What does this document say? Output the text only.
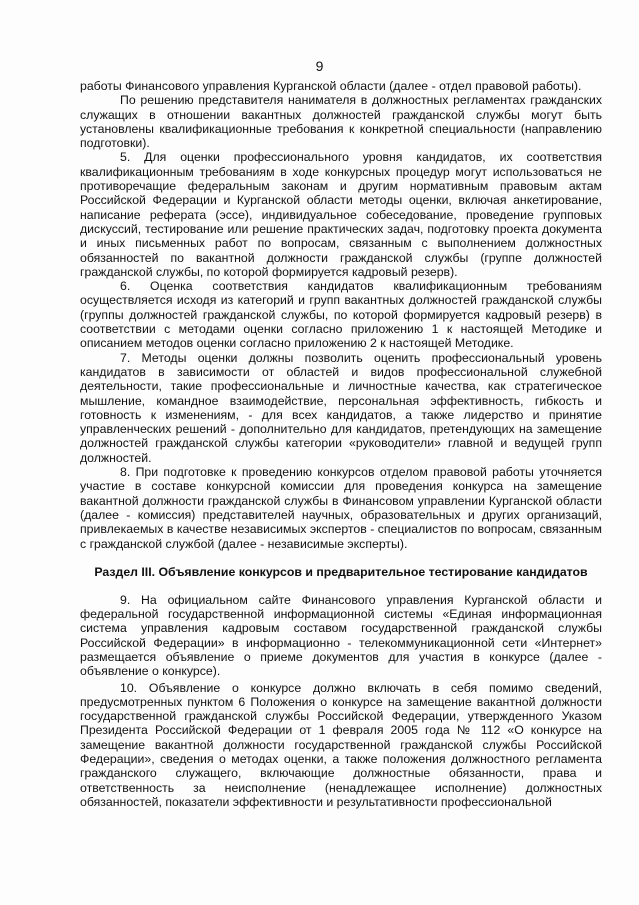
9

работы Финансового управления Курганской области (далее - отдел правовой работы).

По решению представителя нанимателя в должностных регламентах гражданских служащих в отношении вакантных должностей гражданской службы могут быть установлены квалификационные требования к конкретной специальности (направлению подготовки).

5. Для оценки профессионального уровня кандидатов, их соответствия квалификационным требованиям в ходе конкурсных процедур могут использоваться не противоречащие федеральным законам и другим нормативным правовым актам Российской Федерации и Курганской области методы оценки, включая анкетирование, написание реферата (эссе), индивидуальное собеседование, проведение групповых дискуссий, тестирование или решение практических задач, подготовку проекта документа и иных письменных работ по вопросам, связанным с выполнением должностных обязанностей по вакантной должности гражданской службы (группе должностей гражданской службы, по которой формируется кадровый резерв).

6. Оценка соответствия кандидатов квалификационным требованиям осуществляется исходя из категорий и групп вакантных должностей гражданской службы (группы должностей гражданской службы, по которой формируется кадровый резерв) в соответствии с методами оценки согласно приложению 1 к настоящей Методике и описанием методов оценки согласно приложению 2 к настоящей Методике.

7. Методы оценки должны позволить оценить профессиональный уровень кандидатов в зависимости от областей и видов профессиональной служебной деятельности, такие профессиональные и личностные качества, как стратегическое мышление, командное взаимодействие, персональная эффективность, гибкость и готовность к изменениям, - для всех кандидатов, а также лидерство и принятие управленческих решений - дополнительно для кандидатов, претендующих на замещение должностей гражданской службы категории «руководители» главной и ведущей групп должностей.

8. При подготовке к проведению конкурсов отделом правовой работы уточняется участие в составе конкурсной комиссии для проведения конкурса на замещение вакантной должности гражданской службы в Финансовом управлении Курганской области (далее - комиссия) представителей научных, образовательных и других организаций, привлекаемых в качестве независимых экспертов - специалистов по вопросам, связанным с гражданской службой (далее - независимые эксперты).

Раздел III. Объявление конкурсов и предварительное тестирование кандидатов

9. На официальном сайте Финансового управления Курганской области и федеральной государственной информационной системы «Единая информационная система управления кадровым составом государственной гражданской службы Российской Федерации» в информационно - телекоммуникационной сети «Интернет» размещается объявление о приеме документов для участия в конкурсе (далее - объявление о конкурсе).

10. Объявление о конкурсе должно включать в себя помимо сведений, предусмотренных пунктом 6 Положения о конкурсе на замещение вакантной должности государственной гражданской службы Российской Федерации, утвержденного Указом Президента Российской Федерации от 1 февраля 2005 года № 112 «О конкурсе на замещение вакантной должности государственной гражданской службы Российской Федерации», сведения о методах оценки, а также положения должностного регламента гражданского служащего, включающие должностные обязанности, права и ответственность за неисполнение (ненадлежащее исполнение) должностных обязанностей, показатели эффективности и результативности профессиональной
